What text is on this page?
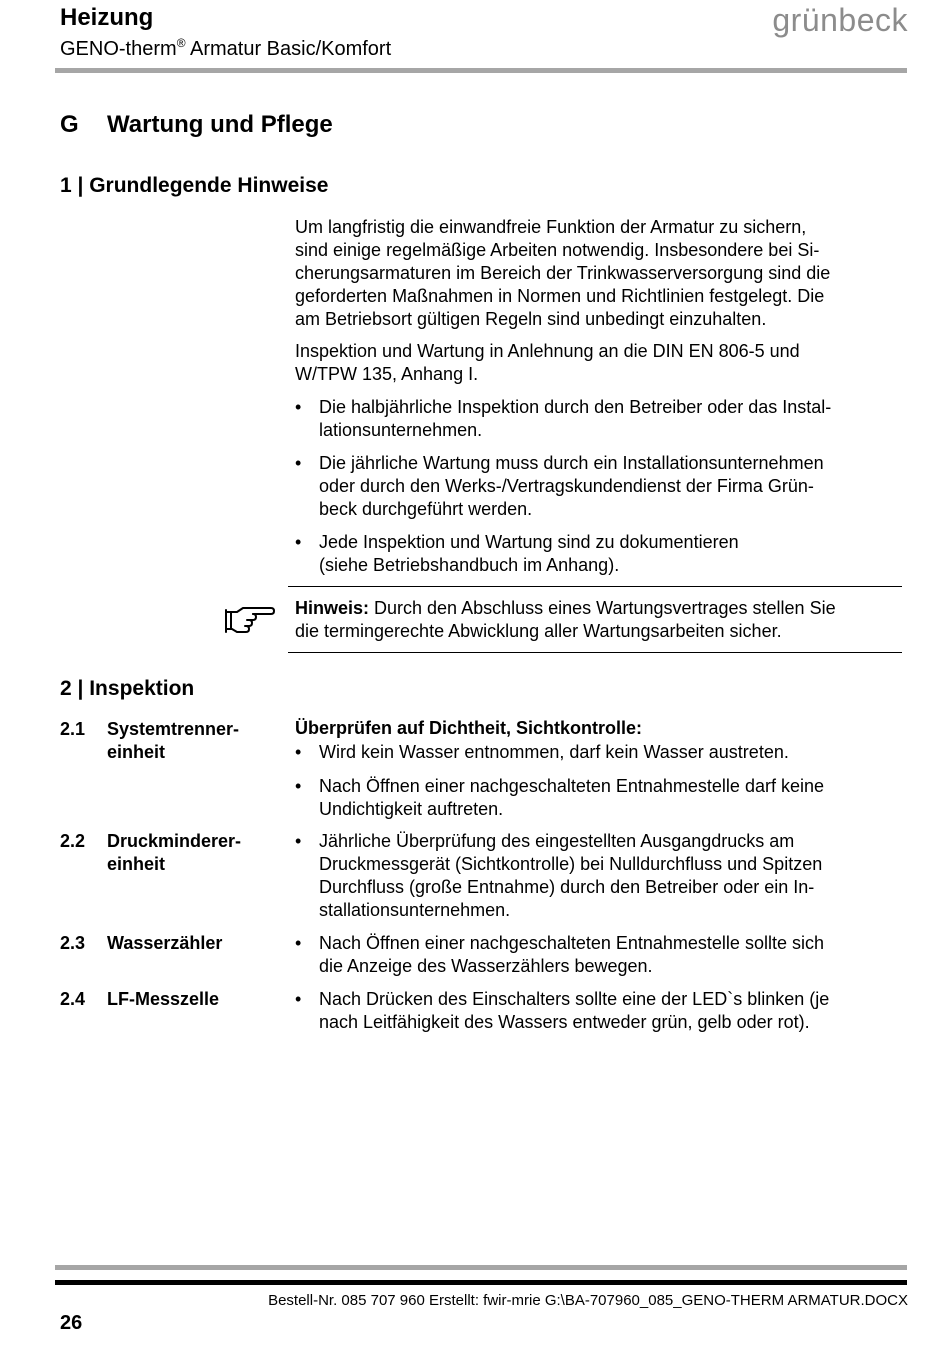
Heizung
GENO-therm® Armatur Basic/Komfort
grünbeck
G Wartung und Pflege
1 | Grundlegende Hinweise

Um langfristig die einwandfreie Funktion der Armatur zu sichern,

sind einige regelmäßige Arbeiten notwendig. Insbesondere bei Si-

cherungsarmaturen im Bereich der Trinkwasserversorgung sind die

geforderten Maßnahmen in Normen und Richtlinien festgelegt. Die

am Betriebsort gültigen Regeln sind unbedingt einzuhalten.

Inspektion und Wartung in Anlehnung an die DIN EN 806-5 und

W/TPW 135, Anhang I.

• Die halbjährliche Inspektion durch den Betreiber oder das Instal-
lationsunternehmen.
• Die jährliche Wartung muss durch ein Installationsunternehmen
oder durch den Werks-/Vertragskundendienst der Firma Grün-
beck durchgeführt werden.
• Jede Inspektion und Wartung sind zu dokumentieren
(siehe Betriebshandbuch im Anhang).
Hinweis: Durch den Abschluss eines Wartungsvertrages stellen Sie
die termingerechte Abwicklung aller Wartungsarbeiten sicher.
2 | Inspektion
Überprüfen auf Dichtheit, Sichtkontrolle:
2.1 Systemtrenner-
einheit
2.2 Druckminderer-
einheit
2.3 Wasserzähler
2.4 LF-Messzelle
• Wird kein Wasser entnommen, darf kein Wasser austreten.
• Nach Öffnen einer nachgeschalteten Entnahmestelle darf keine
Undichtigkeit auftreten.
• Jährliche Überprüfung des eingestellten Ausgangdrucks am
Druckmessgerät (Sichtkontrolle) bei Nulldurchfluss und Spitzen
Durchfluss (große Entnahme) durch den Betreiber oder ein In-
stallationsunternehmen.
• Nach Öffnen einer nachgeschalteten Entnahmestelle sollte sich
die Anzeige des Wasserzählers bewegen.
• Nach Drücken des Einschalters sollte eine der LED`s blinken (je
nach Leitfähigkeit des Wassers entweder grün, gelb oder rot).
Bestell-Nr. 085 707 960 Erstellt: fwir-mrie G:\BA-707960_085_GENO-THERM ARMATUR.DOCX
26
